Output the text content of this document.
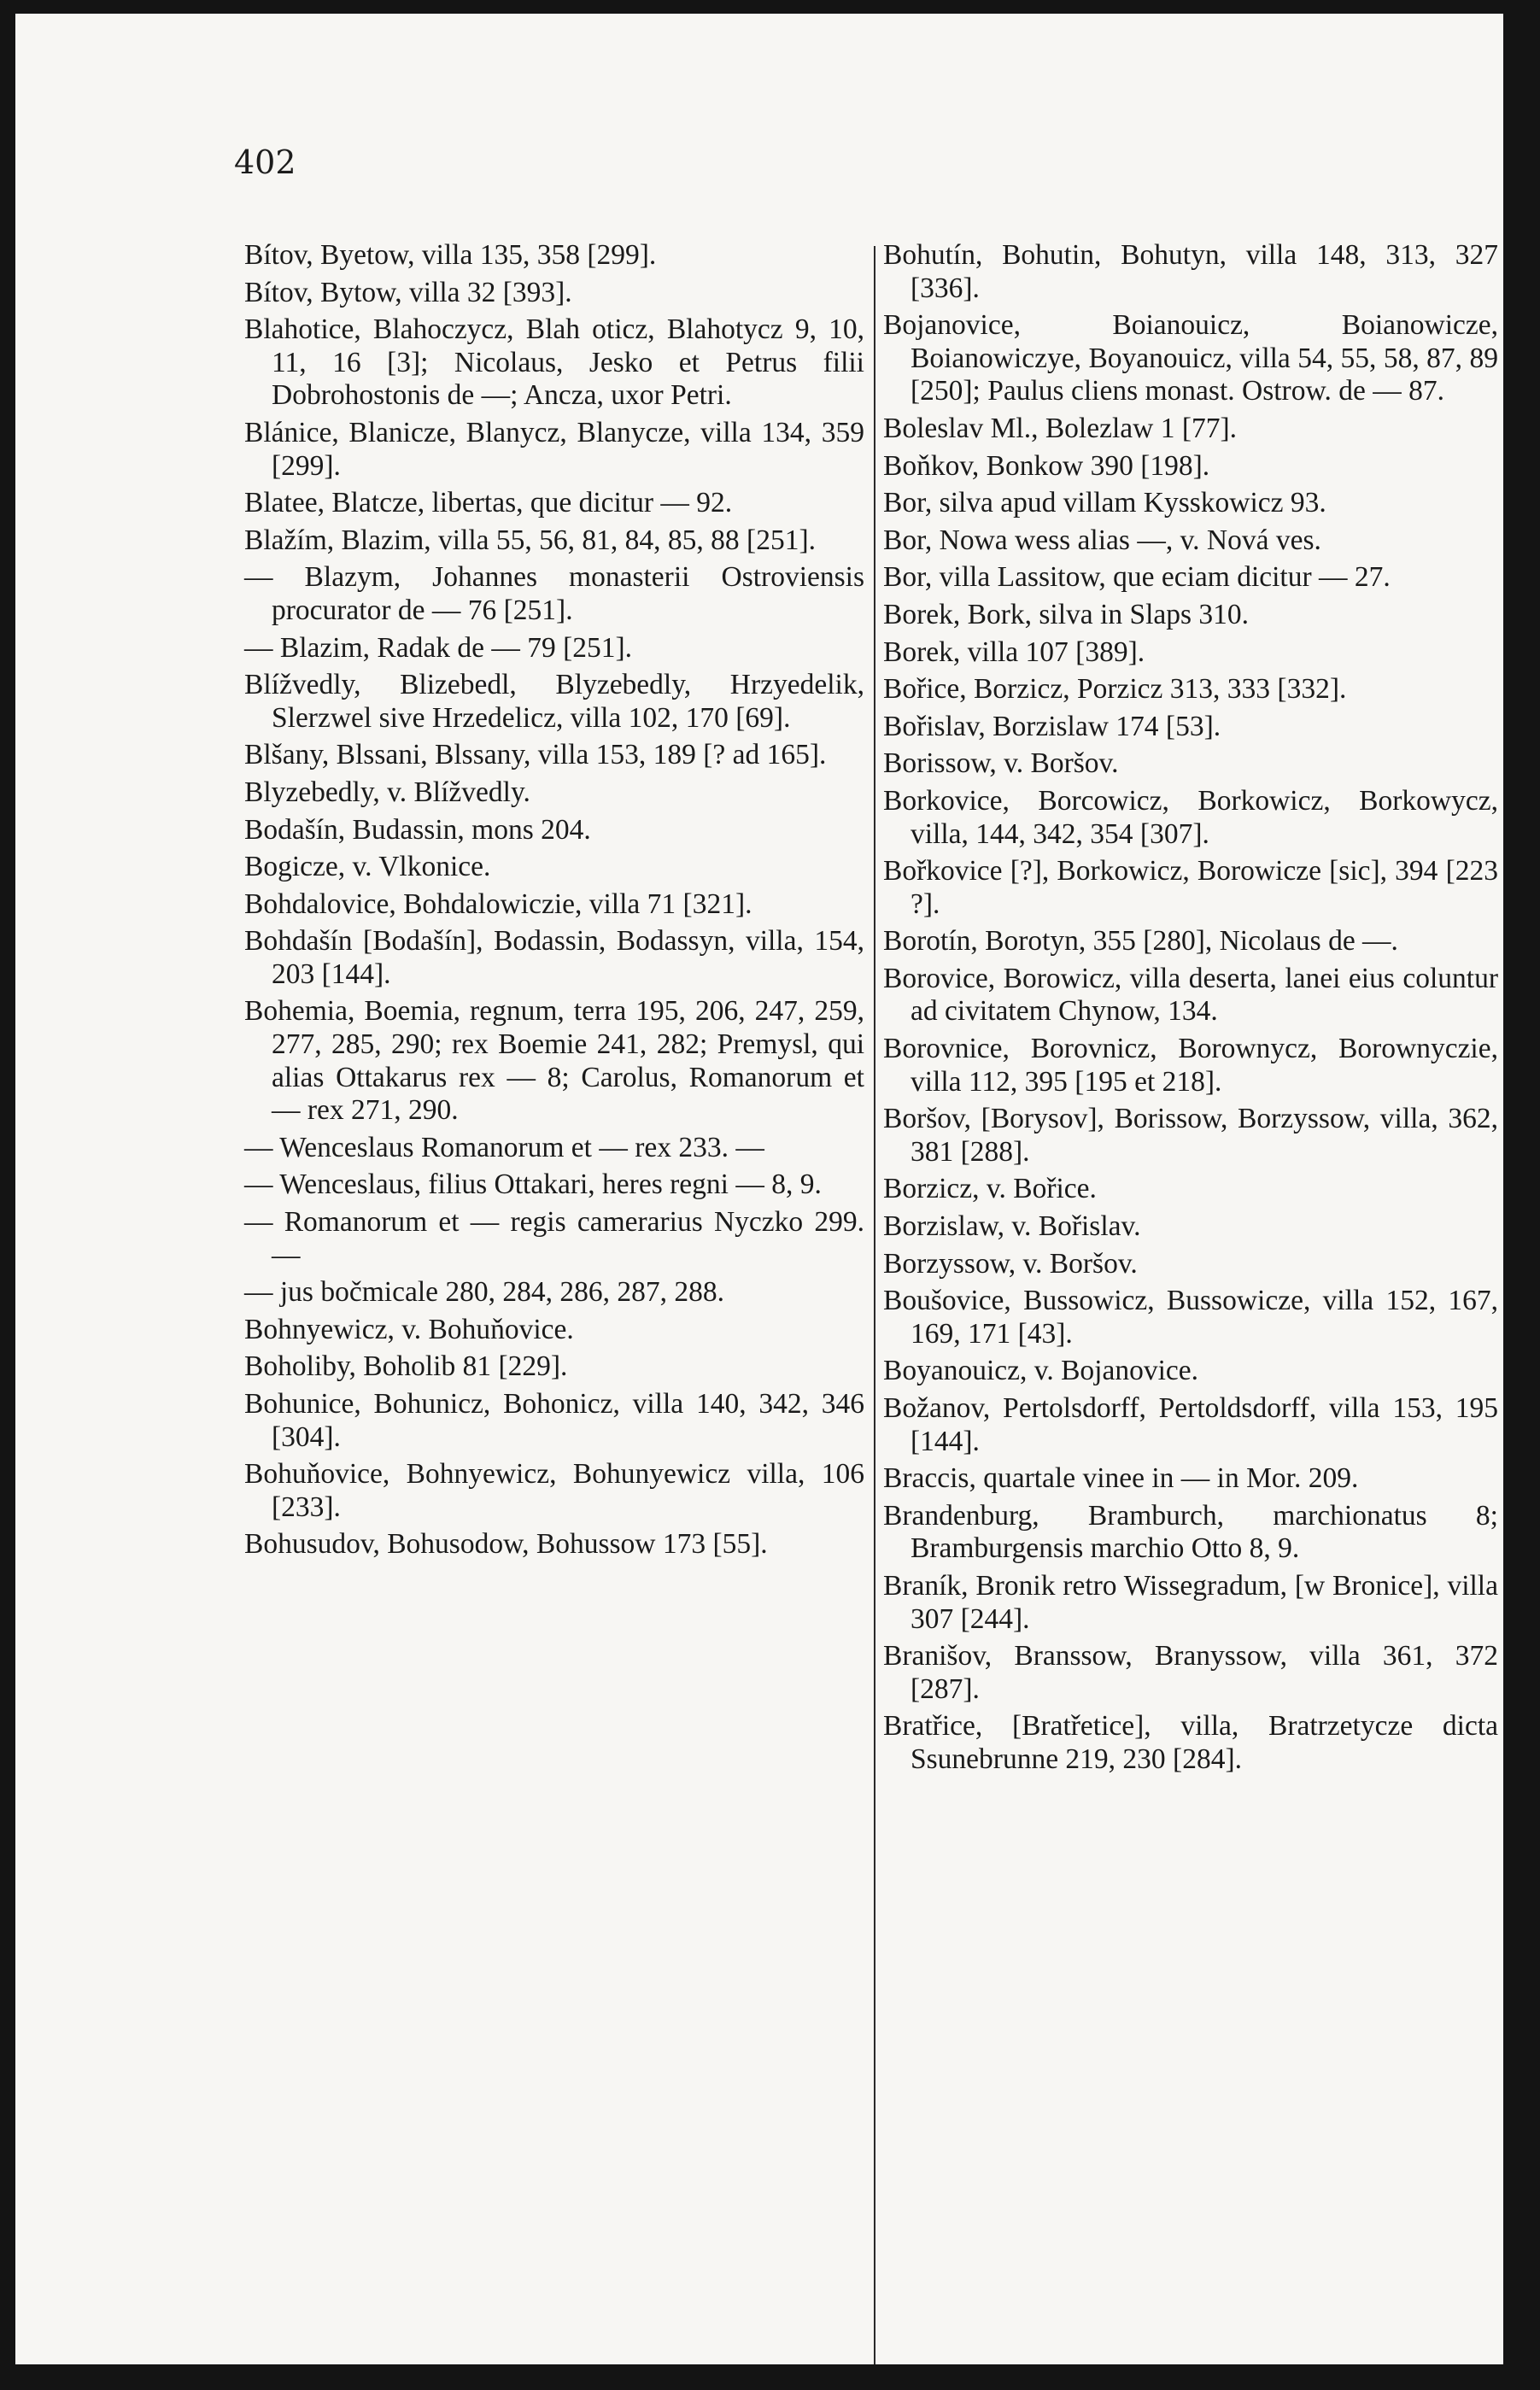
402
Bítov, Byetow, villa 135, 358 [299].
Bítov, Bytow, villa 32 [393].
Blahotice, Blahoczycz, Blah oticz, Blahotycz 9, 10, 11, 16 [3]; Nicolaus, Jesko et Petrus filii Dobrohostonis de —; Ancza, uxor Petri.
Blánice, Blanicze, Blanycz, Blanycze, villa 134, 359 [299].
Blatee, Blatcze, libertas, que dicitur — 92.
Blažím, Blazim, villa 55, 56, 81, 84, 85, 88 [251].
— Blazym, Johannes monasterii Ostroviensis procurator de — 76 [251].
— Blazim, Radak de — 79 [251].
Blížvedly, Blizebedl, Blyzebedly, Hrzyedelik, Slerzwel sive Hrzedelicz, villa 102, 170 [69].
Blšany, Blssani, Blssany, villa 153, 189 [? ad 165].
Blyzebedly, v. Blížvedly.
Bodašín, Budassin, mons 204.
Bogicze, v. Vlkonice.
Bohdalovice, Bohdalowiczie, villa 71 [321].
Bohdašín [Bodašín], Bodassin, Bodassyn, villa, 154, 203 [144].
Bohemia, Boemia, regnum, terra 195, 206, 247, 259, 277, 285, 290; rex Boemie 241, 282; Premysl, qui alias Ottakarus rex — 8; Carolus, Romanorum et — rex 271, 290.
— Wenceslaus Romanorum et — rex 233. —
— Wenceslaus, filius Ottakari, heres regni — 8, 9.
— Romanorum et — regis camerarius Nyczko 299. —
— jus bočmicale 280, 284, 286, 287, 288.
Bohnyewicz, v. Bohuňovice.
Boholiby, Boholib 81 [229].
Bohunice, Bohunicz, Bohonicz, villa 140, 342, 346 [304].
Bohuňovice, Bohnyewicz, Bohunyewicz villa, 106 [233].
Bohusudov, Bohusodow, Bohussow 173 [55].
Bohutín, Bohutin, Bohutyn, villa 148, 313, 327 [336].
Bojanovice, Boianouicz, Boianowicze, Boianowiczye, Boyanouicz, villa 54, 55, 58, 87, 89 [250]; Paulus cliens monast. Ostrow. de — 87.
Boleslav Ml., Bolezlaw 1 [77].
Boňkov, Bonkow 390 [198].
Bor, silva apud villam Kysskowicz 93.
Bor, Nowa wess alias —, v. Nová ves.
Bor, villa Lassitow, que eciam dicitur — 27.
Borek, Bork, silva in Slaps 310.
Borek, villa 107 [389].
Bořice, Borzicz, Porzicz 313, 333 [332].
Bořislav, Borzislaw 174 [53].
Borissow, v. Boršov.
Borkovice, Borcowicz, Borkowicz, Borkowycz, villa, 144, 342, 354 [307].
Bořkovice [?], Borkowicz, Borowicze [sic], 394 [223 ?].
Borotín, Borotyn, 355 [280], Nicolaus de —.
Borovice, Borowicz, villa deserta, lanei eius coluntur ad civitatem Chynow, 134.
Borovnice, Borovnicz, Borownycz, Borownyczie, villa 112, 395 [195 et 218].
Boršov, [Borysov], Borissow, Borzyssow, villa, 362, 381 [288].
Borzicz, v. Bořice.
Borzislaw, v. Bořislav.
Borzyssow, v. Boršov.
Boušovice, Bussowicz, Bussowicze, villa 152, 167, 169, 171 [43].
Boyanouicz, v. Bojanovice.
Božanov, Pertolsdorff, Pertoldsdorff, villa 153, 195 [144].
Braccis, quartale vinee in — in Mor. 209.
Brandenburg, Bramburch, marchionatus 8; Bramburgensis marchio Otto 8, 9.
Braník, Bronik retro Wissegradum, [w Bronice], villa 307 [244].
Branišov, Branssow, Branyssow, villa 361, 372 [287].
Bratřice, [Bratřetice], villa, Bratrzetycze dicta Ssunebrunne 219, 230 [284].
